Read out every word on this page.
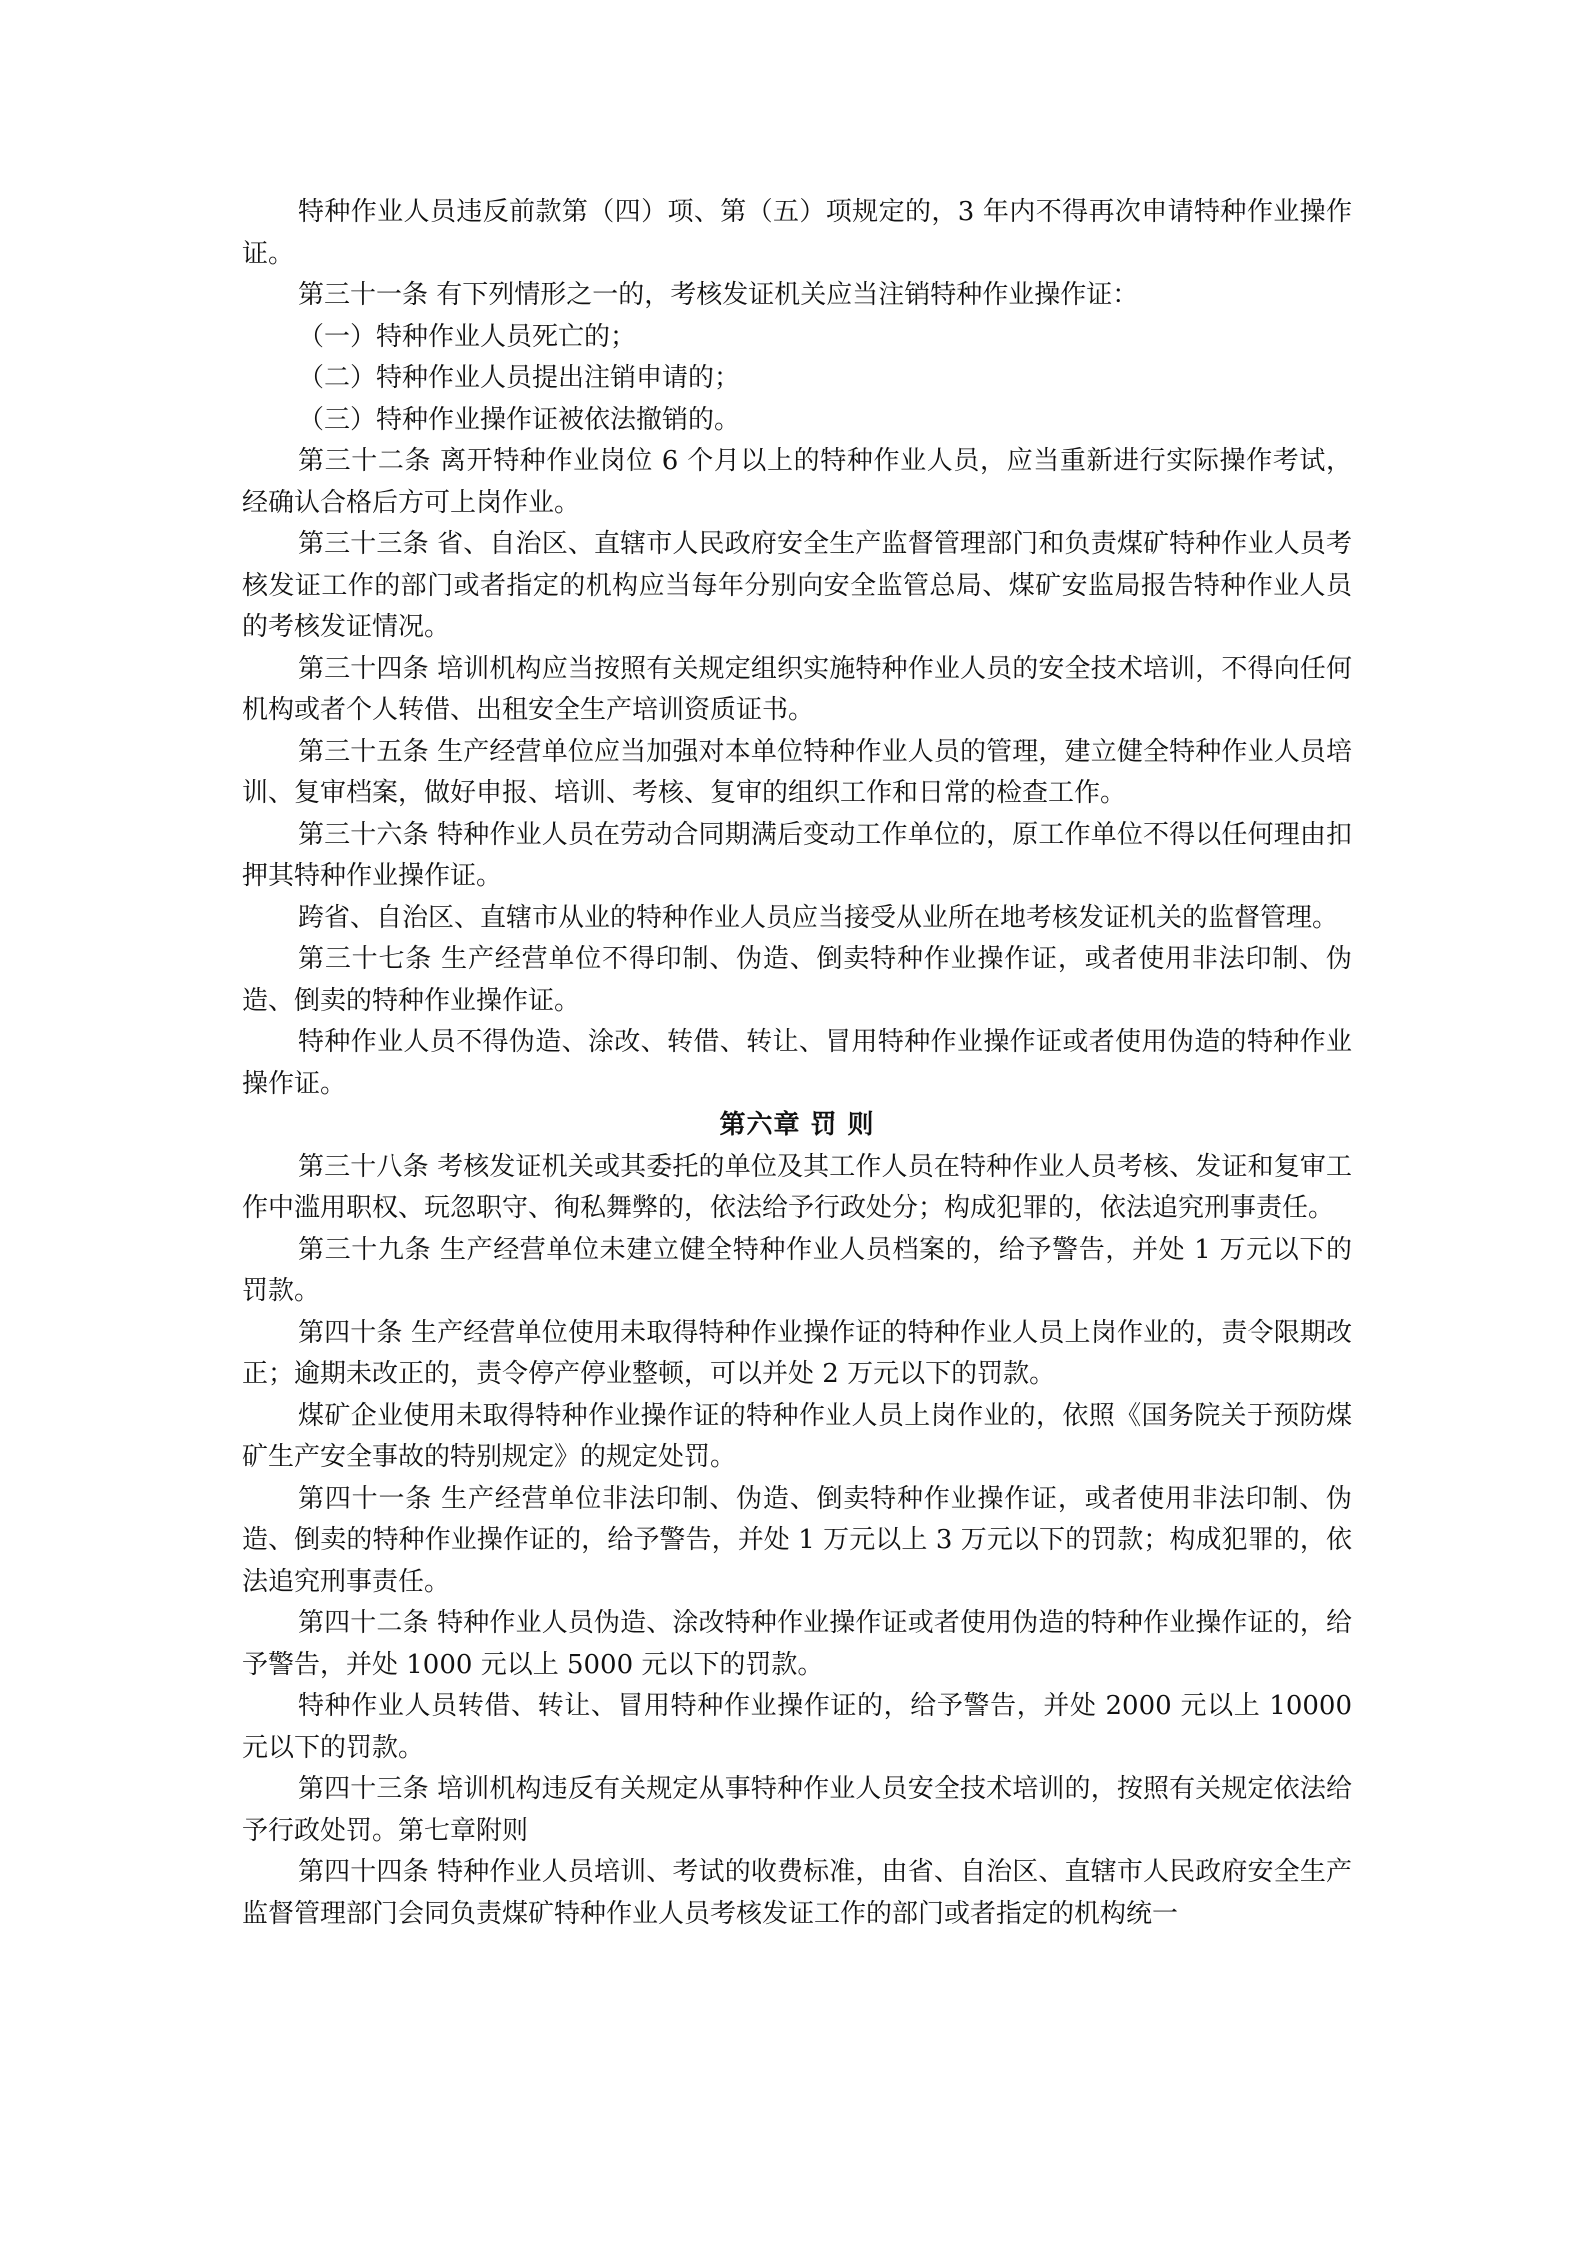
特种作业人员违反前款第（四）项、第（五）项规定的，3 年内不得再次申请特种作业操作证。

第三十一条 有下列情形之一的，考核发证机关应当注销特种作业操作证：

（一）特种作业人员死亡的；

（二）特种作业人员提出注销申请的；

（三）特种作业操作证被依法撤销的。

第三十二条 离开特种作业岗位 6 个月以上的特种作业人员，应当重新进行实际操作考试，经确认合格后方可上岗作业。

第三十三条 省、自治区、直辖市人民政府安全生产监督管理部门和负责煤矿特种作业人员考核发证工作的部门或者指定的机构应当每年分别向安全监管总局、煤矿安监局报告特种作业人员的考核发证情况。

第三十四条 培训机构应当按照有关规定组织实施特种作业人员的安全技术培训，不得向任何机构或者个人转借、出租安全生产培训资质证书。

第三十五条 生产经营单位应当加强对本单位特种作业人员的管理，建立健全特种作业人员培训、复审档案，做好申报、培训、考核、复审的组织工作和日常的检查工作。

第三十六条 特种作业人员在劳动合同期满后变动工作单位的，原工作单位不得以任何理由扣押其特种作业操作证。

跨省、自治区、直辖市从业的特种作业人员应当接受从业所在地考核发证机关的监督管理。

第三十七条 生产经营单位不得印制、伪造、倒卖特种作业操作证，或者使用非法印制、伪造、倒卖的特种作业操作证。

特种作业人员不得伪造、涂改、转借、转让、冒用特种作业操作证或者使用伪造的特种作业操作证。

第六章 罚 则

第三十八条 考核发证机关或其委托的单位及其工作人员在特种作业人员考核、发证和复审工作中滥用职权、玩忽职守、徇私舞弊的，依法给予行政处分；构成犯罪的，依法追究刑事责任。

第三十九条 生产经营单位未建立健全特种作业人员档案的，给予警告，并处 1 万元以下的罚款。

第四十条 生产经营单位使用未取得特种作业操作证的特种作业人员上岗作业的，责令限期改正；逾期未改正的，责令停产停业整顿，可以并处 2 万元以下的罚款。

煤矿企业使用未取得特种作业操作证的特种作业人员上岗作业的，依照《国务院关于预防煤矿生产安全事故的特别规定》的规定处罚。

第四十一条 生产经营单位非法印制、伪造、倒卖特种作业操作证，或者使用非法印制、伪造、倒卖的特种作业操作证的，给予警告，并处 1 万元以上 3 万元以下的罚款；构成犯罪的，依法追究刑事责任。

第四十二条 特种作业人员伪造、涂改特种作业操作证或者使用伪造的特种作业操作证的，给予警告，并处 1000 元以上 5000 元以下的罚款。

特种作业人员转借、转让、冒用特种作业操作证的，给予警告，并处 2000 元以上 10000 元以下的罚款。

第四十三条 培训机构违反有关规定从事特种作业人员安全技术培训的，按照有关规定依法给予行政处罚。第七章附则

第四十四条 特种作业人员培训、考试的收费标准，由省、自治区、直辖市人民政府安全生产监督管理部门会同负责煤矿特种作业人员考核发证工作的部门或者指定的机构统一
